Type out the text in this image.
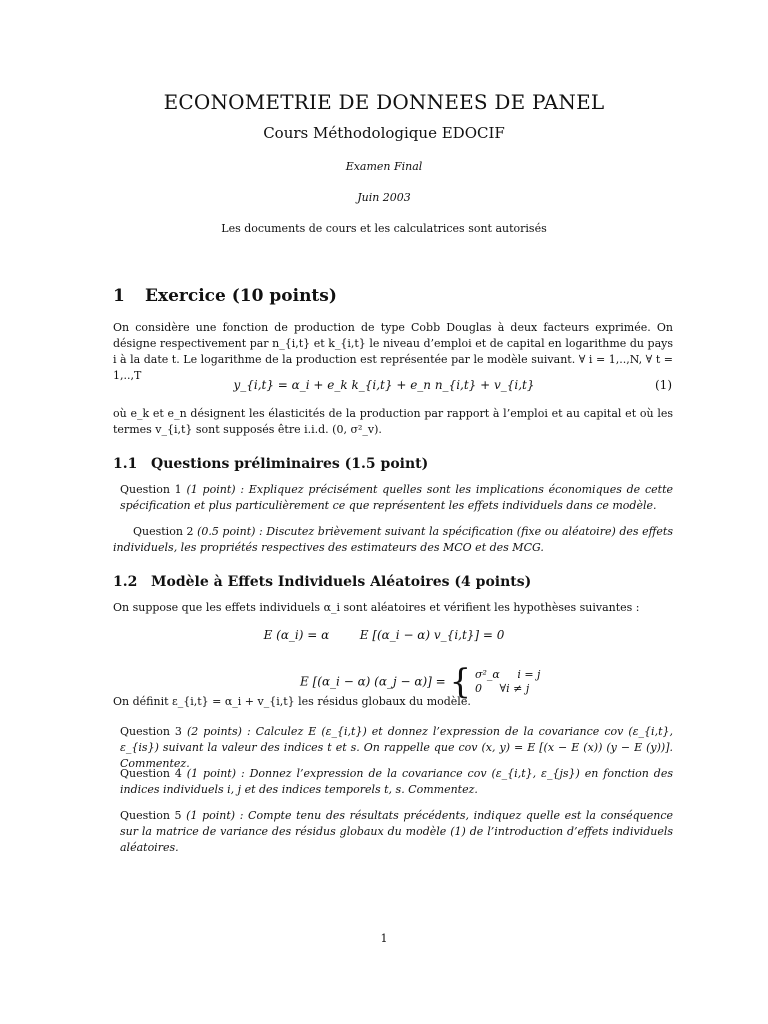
ECONOMETRIE DE DONNEES DE PANEL
Cours Méthodologique EDOCIF
Examen Final
Juin 2003
Les documents de cours et les calculatrices sont autorisés
1 Exercice (10 points)
On considère une fonction de production de type Cobb Douglas à deux facteurs exprimée. On désigne respectivement par n_{i,t} et k_{i,t} le niveau d’emploi et de capital en logarithme du pays i à la date t. Le logarithme de la production est représentée par le modèle suivant. ∀ i = 1,..,N, ∀ t = 1,..,T
y_{i,t} = α_i + e_k k_{i,t} + e_n n_{i,t} + v_{i,t}	(1)
où e_k et e_n désignent les élasticités de la production par rapport à l’emploi et au capital et où les termes v_{i,t} sont supposés être i.i.d. (0, σ²_v).
1.1 Questions préliminaires (1.5 point)
Question 1 (1 point) : Expliquez précisément quelles sont les implications économiques de cette spécification et plus particulièrement ce que représentent les effets individuels dans ce modèle.
Question 2 (0.5 point) : Discutez brièvement suivant la spécification (fixe ou aléatoire) des effets individuels, les propriétés respectives des estimateurs des MCO et des MCG.
1.2 Modèle à Effets Individuels Aléatoires (4 points)
On suppose que les effets individuels α_i sont aléatoires et vérifient les hypothèses suivantes :
E (α_i) = α        E [(α_i − α) v_{i,t}] = 0
E [(α_i − α) (α_j − α)] = { σ²_α     i = j
0     ∀i ≠ j
On définit ε_{i,t} = α_i + v_{i,t} les résidus globaux du modèle.
Question 3 (2 points) : Calculez E (ε_{i,t}) et donnez l’expression de la covariance cov (ε_{i,t}, ε_{is}) suivant la valeur des indices t et s. On rappelle que cov (x, y) = E [(x − E (x)) (y − E (y))]. Commentez.
Question 4 (1 point) : Donnez l’expression de la covariance cov (ε_{i,t}, ε_{js}) en fonction des indices individuels i, j et des indices temporels t, s. Commentez.
Question 5 (1 point) : Compte tenu des résultats précédents, indiquez quelle est la conséquence sur la matrice de variance des résidus globaux du modèle (1) de l’introduction d’effets individuels aléatoires.
1
